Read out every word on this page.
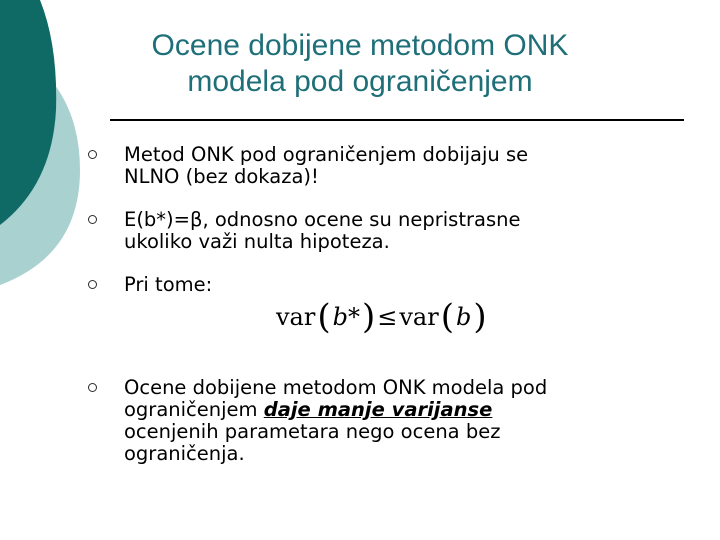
Ocene dobijene metodom ONK
modela pod ograničenjem
Metod ONK pod ograničenjem dobijaju se
NLNO (bez dokaza)!
E(b*)=β, odnosno ocene su nepristrasne
ukoliko važi nulta hipoteza.
Pri tome:
Ocene dobijene metodom ONK modela pod
ograničenjem daje manje varijanse
ocenjenih parametara nego ocena bez
ograničenja.
var ( b* ) ≤ var ( b )
